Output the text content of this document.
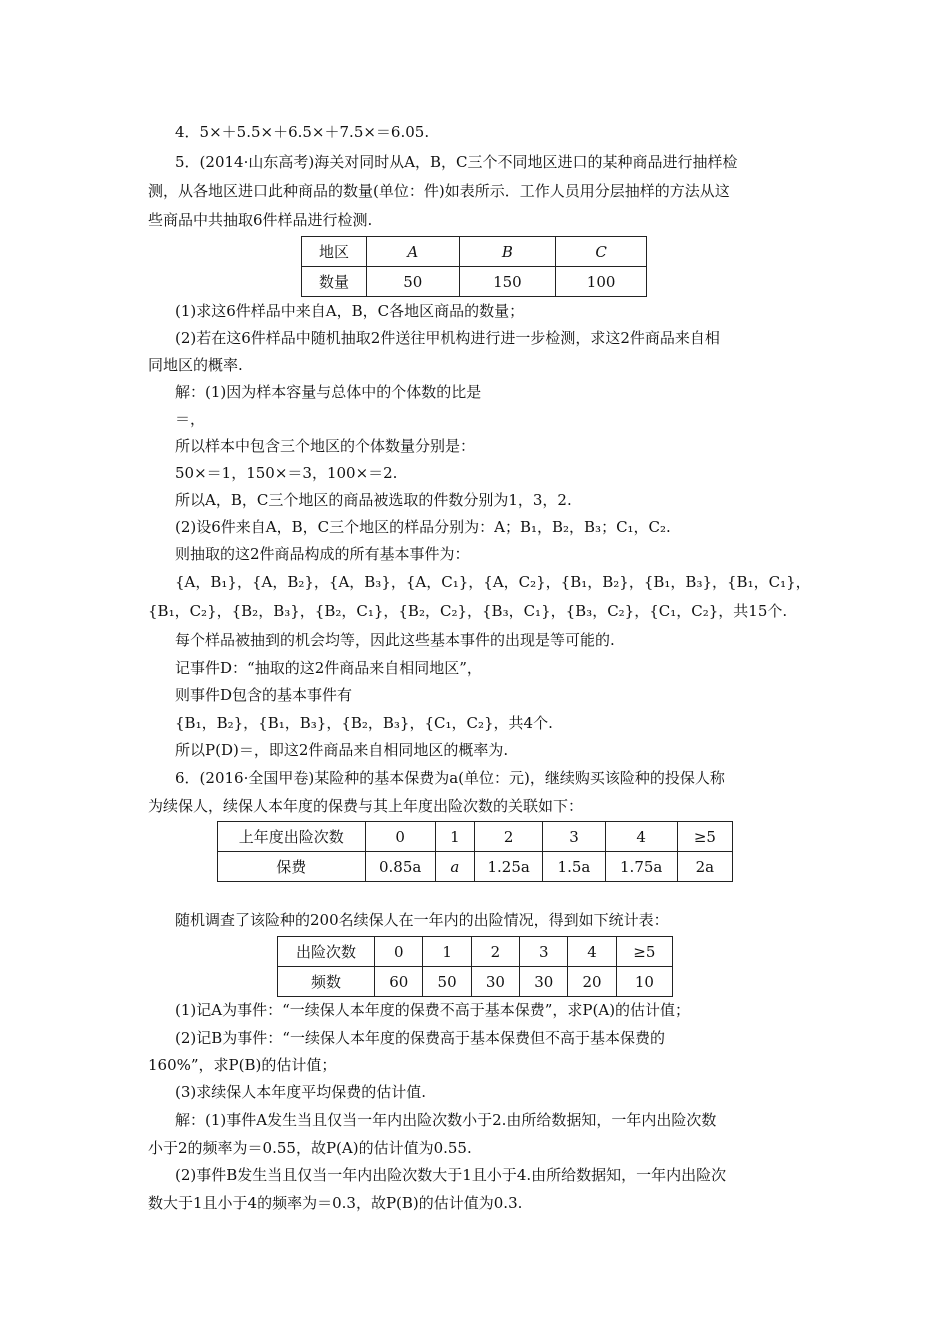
4．5×＋5.5×＋6.5×＋7.5×＝6.05.
5．(2014·山东高考)海关对同时从A，B，C三个不同地区进口的某种商品进行抽样检
测，从各地区进口此种商品的数量(单位：件)如表所示．工作人员用分层抽样的方法从这
些商品中共抽取6件样品进行检测.
地区	A	B	C
数量	50	150	100
(1)求这6件样品中来自A，B，C各地区商品的数量；
(2)若在这6件样品中随机抽取2件送往甲机构进行进一步检测，求这2件商品来自相
同地区的概率.
解：(1)因为样本容量与总体中的个体数的比是
＝，
所以样本中包含三个地区的个体数量分别是：
50×＝1，150×＝3，100×＝2.
所以A，B，C三个地区的商品被选取的件数分别为1，3，2.
(2)设6件来自A，B，C三个地区的样品分别为：A；B₁，B₂，B₃；C₁，C₂.
则抽取的这2件商品构成的所有基本事件为：
{A，B₁}，{A，B₂}，{A，B₃}，{A，C₁}，{A，C₂}，{B₁，B₂}，{B₁，B₃}，{B₁，C₁}，
{B₁，C₂}，{B₂，B₃}，{B₂，C₁}，{B₂，C₂}，{B₃，C₁}，{B₃，C₂}，{C₁，C₂}，共15个.
每个样品被抽到的机会均等，因此这些基本事件的出现是等可能的.
记事件D：“抽取的这2件商品来自相同地区”，
则事件D包含的基本事件有
{B₁，B₂}，{B₁，B₃}，{B₂，B₃}，{C₁，C₂}，共4个.
所以P(D)＝，即这2件商品来自相同地区的概率为.
6．(2016·全国甲卷)某险种的基本保费为a(单位：元)，继续购买该险种的投保人称
为续保人，续保人本年度的保费与其上年度出险次数的关联如下：
上年度出险次数	0	1	2	3	4	≥5
保费	0.85a	a	1.25a	1.5a	1.75a	2a
随机调查了该险种的200名续保人在一年内的出险情况，得到如下统计表：
出险次数	0	1	2	3	4	≥5
频数	60	50	30	30	20	10
(1)记A为事件：“一续保人本年度的保费不高于基本保费”，求P(A)的估计值；
(2)记B为事件：“一续保人本年度的保费高于基本保费但不高于基本保费的
160%”，求P(B)的估计值；
(3)求续保人本年度平均保费的估计值.
解：(1)事件A发生当且仅当一年内出险次数小于2.由所给数据知，一年内出险次数
小于2的频率为＝0.55，故P(A)的估计值为0.55.
(2)事件B发生当且仅当一年内出险次数大于1且小于4.由所给数据知，一年内出险次
数大于1且小于4的频率为＝0.3，故P(B)的估计值为0.3.
